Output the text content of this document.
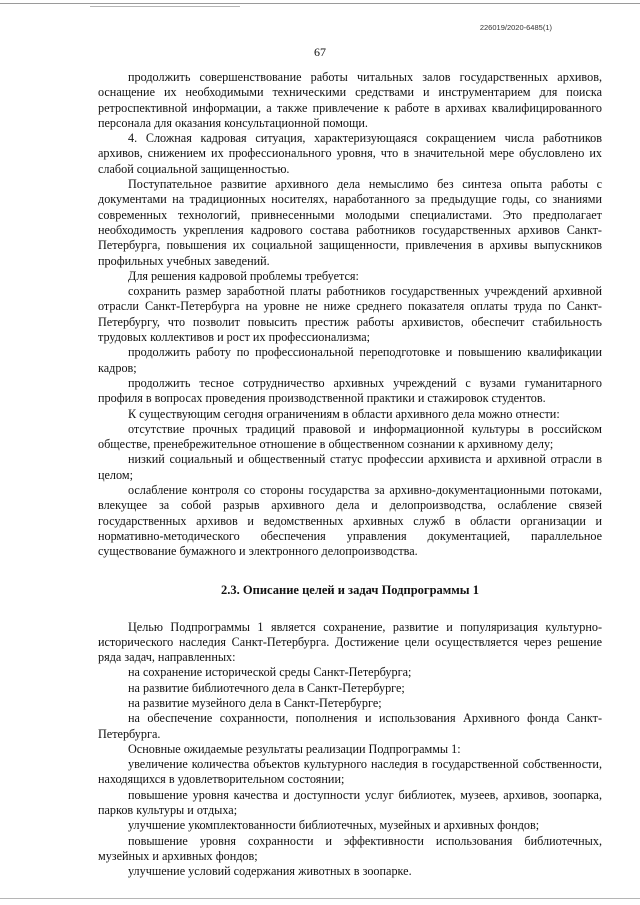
226019/2020-6485(1)
67

продолжить совершенствование работы читальных залов государственных архивов, оснащение их необходимыми техническими средствами и инструментарием для поиска ретроспективной информации, а также привлечение к работе в архивах квалифицированного персонала для оказания консультационной помощи.

4. Сложная кадровая ситуация, характеризующаяся сокращением числа работников архивов, снижением их профессионального уровня, что в значительной мере обусловлено их слабой социальной защищенностью.

Поступательное развитие архивного дела немыслимо без синтеза опыта работы с документами на традиционных носителях, наработанного за предыдущие годы, со знаниями современных технологий, привнесенными молодыми специалистами. Это предполагает необходимость укрепления кадрового состава работников государственных архивов Санкт-Петербурга, повышения их социальной защищенности, привлечения в архивы выпускников профильных учебных заведений.

Для решения кадровой проблемы требуется:

сохранить размер заработной платы работников государственных учреждений архивной отрасли Санкт-Петербурга на уровне не ниже среднего показателя оплаты труда по Санкт-Петербургу, что позволит повысить престиж работы архивистов, обеспечит стабильность трудовых коллективов и рост их профессионализма;

продолжить работу по профессиональной переподготовке и повышению квалификации кадров;

продолжить тесное сотрудничество архивных учреждений с вузами гуманитарного профиля в вопросах проведения производственной практики и стажировок студентов.

К существующим сегодня ограничениям в области архивного дела можно отнести:

отсутствие прочных традиций правовой и информационной культуры в российском обществе, пренебрежительное отношение в общественном сознании к архивному делу;

низкий социальный и общественный статус профессии архивиста и архивной отрасли в целом;

ослабление контроля со стороны государства за архивно-документационными потоками, влекущее за собой разрыв архивного дела и делопроизводства, ослабление связей государственных архивов и ведомственных архивных служб в области организации и нормативно-методического обеспечения управления документацией, параллельное существование бумажного и электронного делопроизводства.

2.3. Описание целей и задач Подпрограммы 1

Целью Подпрограммы 1 является сохранение, развитие и популяризация культурно-исторического наследия Санкт-Петербурга. Достижение цели осуществляется через решение ряда задач, направленных:

на сохранение исторической среды Санкт-Петербурга;

на развитие библиотечного дела в Санкт-Петербурге;

на развитие музейного дела в Санкт-Петербурге;

на обеспечение сохранности, пополнения и использования Архивного фонда Санкт-Петербурга.

Основные ожидаемые результаты реализации Подпрограммы 1:

увеличение количества объектов культурного наследия в государственной собственности, находящихся в удовлетворительном состоянии;

повышение уровня качества и доступности услуг библиотек, музеев, архивов, зоопарка, парков культуры и отдыха;

улучшение укомплектованности библиотечных, музейных и архивных фондов;

повышение уровня сохранности и эффективности использования библиотечных, музейных и архивных фондов;

улучшение условий содержания животных в зоопарке.
